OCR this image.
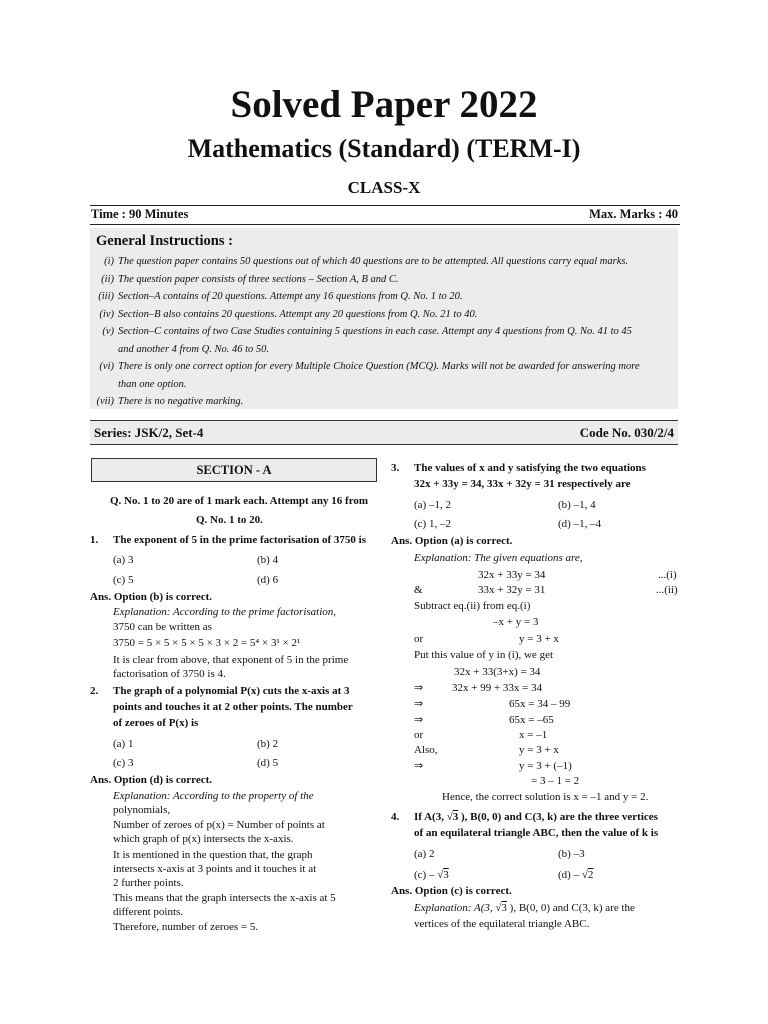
Solved Paper 2022
Mathematics (Standard) (TERM-I)
CLASS-X
Time : 90 Minutes	Max. Marks : 40
General Instructions :
(i) The question paper contains 50 questions out of which 40 questions are to be attempted. All questions carry equal marks.
(ii) The question paper consists of three sections – Section A, B and C.
(iii) Section–A contains of 20 questions. Attempt any 16 questions from Q. No. 1 to 20.
(iv) Section–B also contains 20 questions. Attempt any 20 questions from Q. No. 21 to 40.
(v) Section–C contains of two Case Studies containing 5 questions in each case. Attempt any 4 questions from Q. No. 41 to 45
and another 4 from Q. No. 46 to 50.
(vi) There is only one correct option for every Multiple Choice Question (MCQ). Marks will not be awarded for answering more
than one option.
(vii) There is no negative marking.
Series: JSK/2, Set-4	Code No. 030/2/4
SECTION - A
Q. No. 1 to 20 are of 1 mark each. Attempt any 16 from
Q. No. 1 to 20.
1. The exponent of 5 in the prime factorisation of 3750 is
(a) 3	(b) 4
(c) 5	(d) 6
Ans. Option (b) is correct.
Explanation: According to the prime factorisation,
3750 can be written as
3750 = 5 × 5 × 5 × 5 × 3 × 2 = 5⁴ × 3¹ × 2¹
It is clear from above, that exponent of 5 in the prime
factorisation of 3750 is 4.
2. The graph of a polynomial P(x) cuts the x-axis at 3
points and touches it at 2 other points. The number
of zeroes of P(x) is
(a) 1	(b) 2
(c) 3	(d) 5
Ans. Option (d) is correct.
Explanation: According to the property of the
polynomials,
Number of zeroes of p(x) = Number of points at
which graph of p(x) intersects the x-axis.
It is mentioned in the question that, the graph
intersects x-axis at 3 points and it touches it at
2 further points.
This means that the graph intersects the x-axis at 5
different points.
Therefore, number of zeroes = 5.
3. The values of x and y satisfying the two equations
32x + 33y = 34, 33x + 32y = 31 respectively are
(a) –1, 2	(b) –1, 4
(c) 1, –2	(d) –1, –4
Ans. Option (a) is correct.
Explanation: The given equations are,
32x + 33y = 34	...(i)
&	33x + 32y = 31	...(ii)
Subtract eq.(ii) from eq.(i)
–x + y = 3
or	y = 3 + x
Put this value of y in (i), we get
32x + 33(3+x) = 34
⇒	32x + 99 + 33x = 34
⇒	65x = 34 – 99
⇒	65x = –65
or	x = –1
Also,	y = 3 + x
⇒	y = 3 + (–1)
= 3 – 1 = 2
Hence, the correct solution is x = –1 and y = 2.
4. If A(3, √3 ), B(0, 0) and C(3, k) are the three vertices
of an equilateral triangle ABC, then the value of k is
(a) 2	(b) –3
(c) – √3	(d) – √2
Ans. Option (c) is correct.
Explanation: A(3, √3 ), B(0, 0) and C(3, k) are the
vertices of the equilateral triangle ABC.
